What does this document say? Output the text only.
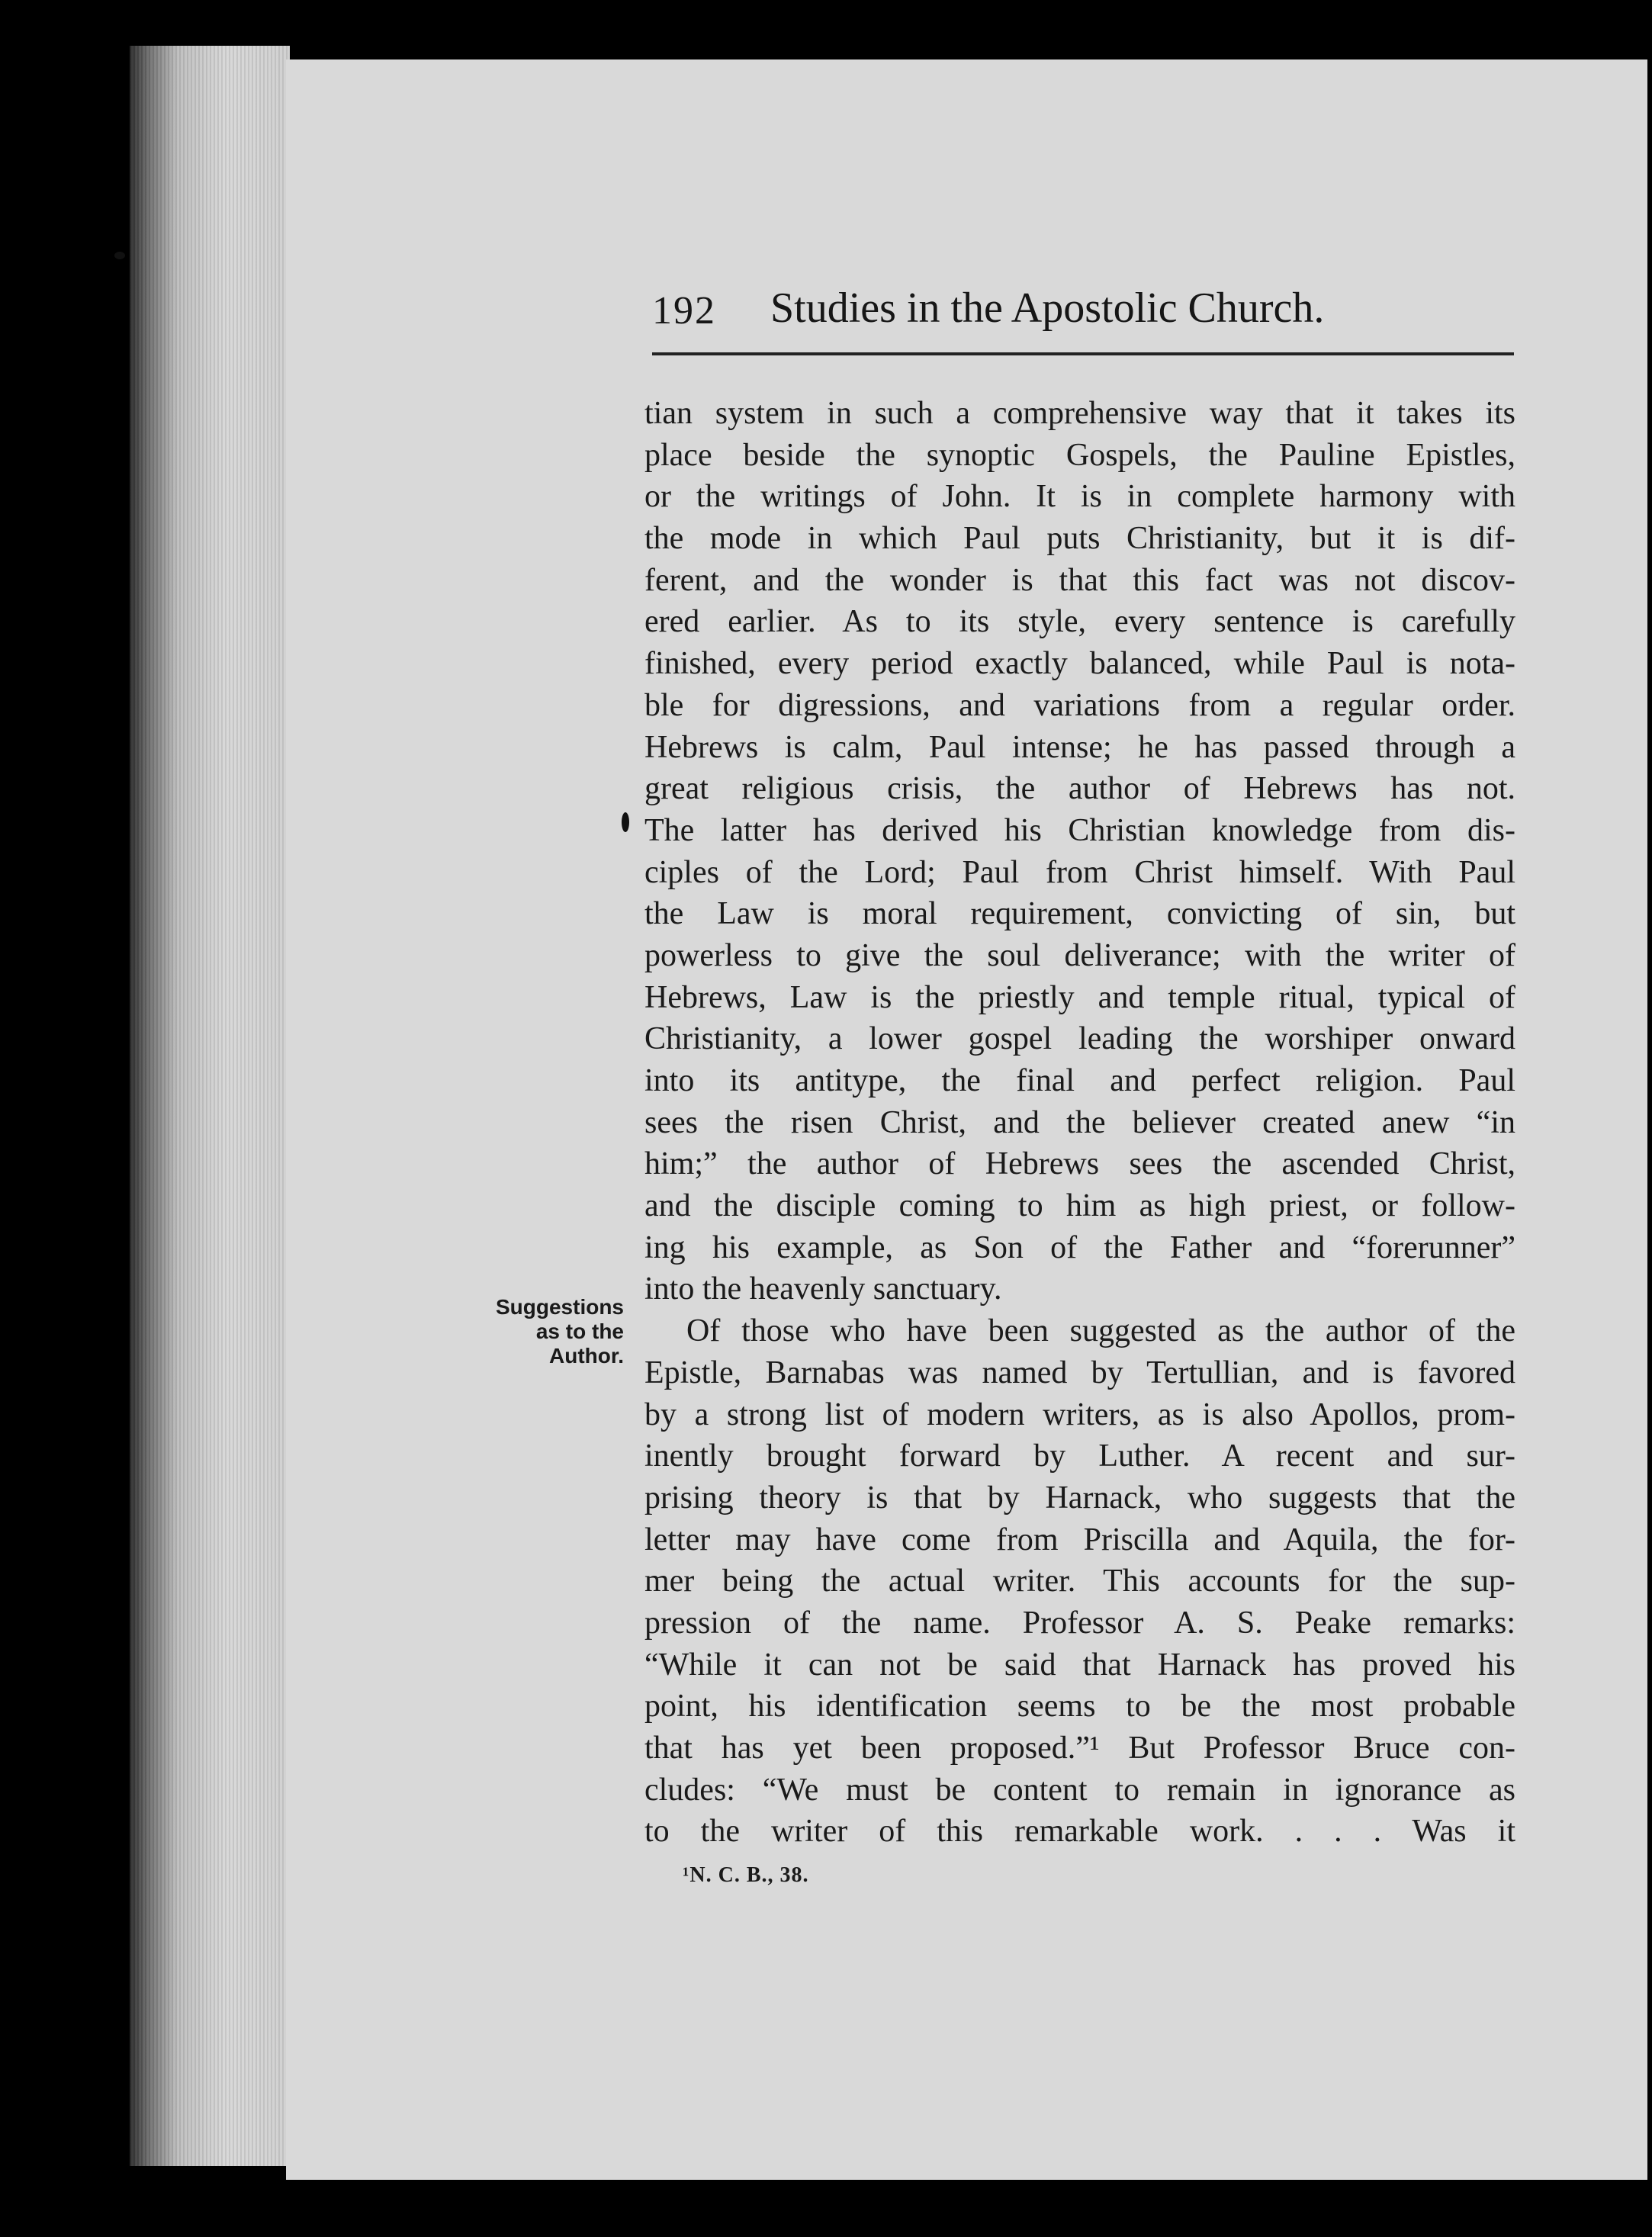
192 Studies in the Apostolic Church.
Suggestions
as to the
Author.
tian system in such a comprehensive way that it takes its
place beside the synoptic Gospels, the Pauline Epistles,
or the writings of John. It is in complete harmony with
the mode in which Paul puts Christianity, but it is dif-
ferent, and the wonder is that this fact was not discov-
ered earlier. As to its style, every sentence is carefully
finished, every period exactly balanced, while Paul is nota-
ble for digressions, and variations from a regular order.
Hebrews is calm, Paul intense; he has passed through a
great religious crisis, the author of Hebrews has not.
The latter has derived his Christian knowledge from dis-
ciples of the Lord; Paul from Christ himself. With Paul
the Law is moral requirement, convicting of sin, but
powerless to give the soul deliverance; with the writer of
Hebrews, Law is the priestly and temple ritual, typical of
Christianity, a lower gospel leading the worshiper onward
into its antitype, the final and perfect religion. Paul
sees the risen Christ, and the believer created anew “in
him;” the author of Hebrews sees the ascended Christ,
and the disciple coming to him as high priest, or follow-
ing his example, as Son of the Father and “forerunner”
into the heavenly sanctuary.
Of those who have been suggested as the author of the
Epistle, Barnabas was named by Tertullian, and is favored
by a strong list of modern writers, as is also Apollos, prom-
inently brought forward by Luther. A recent and sur-
prising theory is that by Harnack, who suggests that the
letter may have come from Priscilla and Aquila, the for-
mer being the actual writer. This accounts for the sup-
pression of the name. Professor A. S. Peake remarks:
“While it can not be said that Harnack has proved his
point, his identification seems to be the most probable
that has yet been proposed.”¹ But Professor Bruce con-
cludes: “We must be content to remain in ignorance as
to the writer of this remarkable work. . . . Was it
¹N. C. B., 38.
